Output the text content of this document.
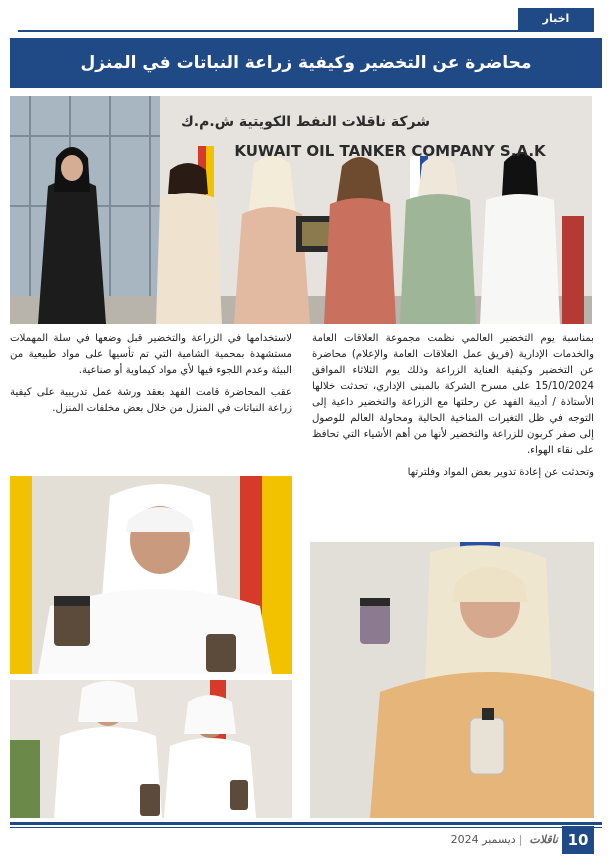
اخبار
محاضرة عن التخضير وكيفية زراعة النباتات في المنزل
شركة ناقلات النفط الكويتية ش.م.ك
KUWAIT OIL TANKER COMPANY S.A.K

بمناسبة يوم التخضير العالمي نظمت مجموعة العلاقات العامة والخدمات الإدارية (فريق عمل العلاقات العامة والإعلام) محاضرة عن التخضير وكيفية العناية الزراعة وذلك يوم الثلاثاء الموافق 15/10/2024 على مسرح الشركة بالمبنى الإداري، تحدثت خلالها الأستاذة / أديبة الفهد عن رحلتها مع الزراعة والتخضير داعية إلى التوجه في ظل التغيرات المناخية الحالية ومحاولة العالم للوصول إلى صفر كربون للزراعة والتخضير لأنها من أهم الأشياء التي تحافظ على نقاء الهواء.

وتحدثت عن إعادة تدوير بعض المواد وفلترتها

لاستخدامها في الزراعة والتخضير قبل وضعها في سلة المهملات مستشهدة بمحمية الشامية التي تم تأسيها على مواد طبيعية من البيئة وعدم اللجوء فيها لأي مواد كيماوية أو صناعية.

عقب المحاضرة قامت الفهد بعقد ورشة عمل تدريبية على كيفية زراعة النباتات في المنزل من خلال بعض مخلفات المنزل.

10
ناقلات|ديسمبر 2024
